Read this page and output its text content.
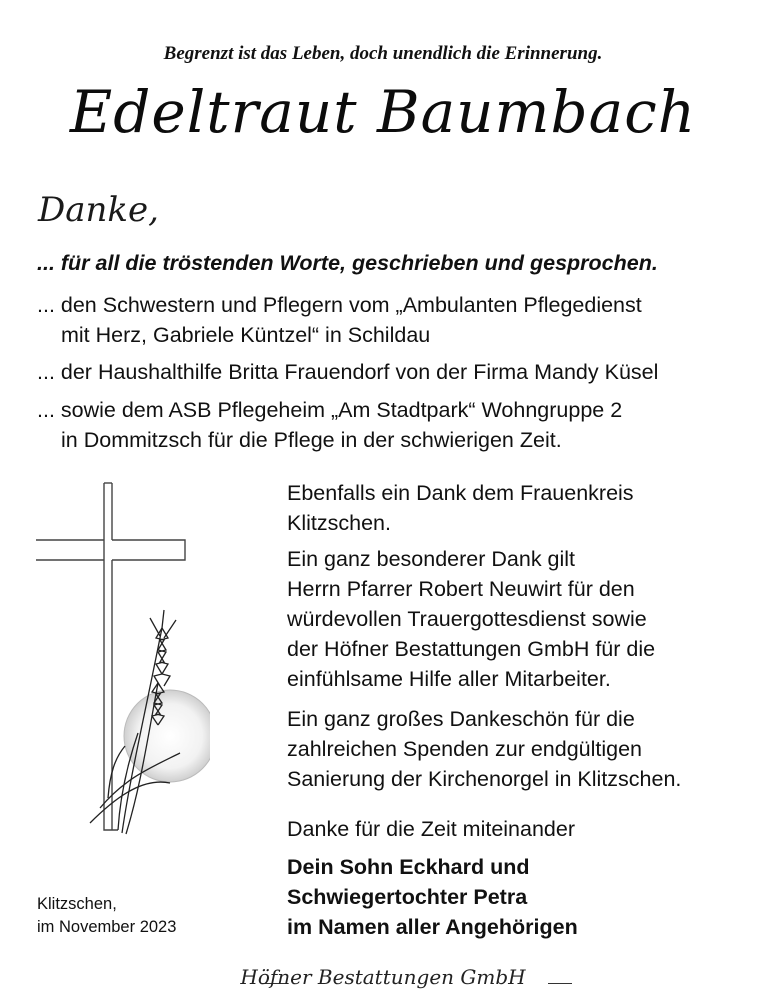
Begrenzt ist das Leben, doch unendlich die Erinnerung.
Edeltraut Baumbach
Danke,
... für all die tröstenden Worte, geschrieben und gesprochen.
... den Schwestern und Pflegern vom „Ambulanten Pflegedienst
mit Herz, Gabriele Küntzel“ in Schildau
... der Haushalthilfe Britta Frauendorf von der Firma Mandy Küsel
... sowie dem ASB Pflegeheim „Am Stadtpark“ Wohngruppe 2
in Dommitzsch für die Pflege in der schwierigen Zeit.

Ebenfalls ein Dank dem Frauenkreis

Klitzschen.

Ein ganz besonderer Dank gilt

Herrn Pfarrer Robert Neuwirt für den

würdevollen Trauergottesdienst sowie

der Höfner Bestattungen GmbH für die

einfühlsame Hilfe aller Mitarbeiter.

Ein ganz großes Dankeschön für die

zahlreichen Spenden zur endgültigen

Sanierung der Kirchenorgel in Klitzschen.

Danke für die Zeit miteinander

Dein Sohn Eckhard und

Schwiegertochter Petra

im Namen aller Angehörigen

Klitzschen,
im November 2023
Höfner Bestattungen GmbH
